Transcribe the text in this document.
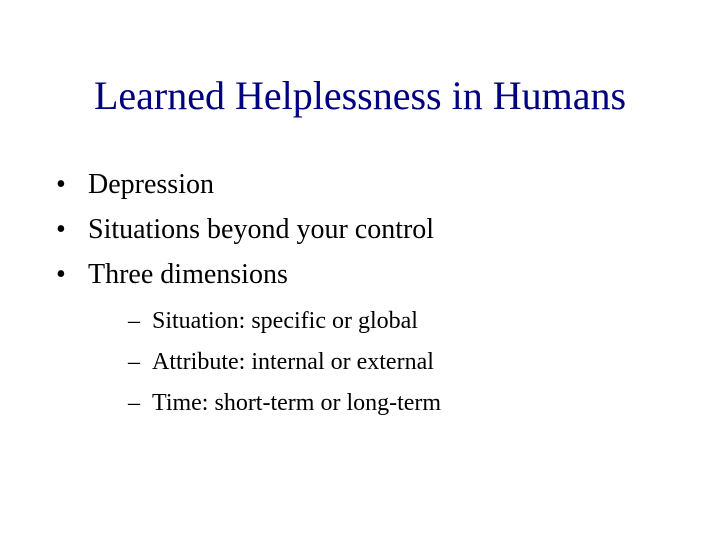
Learned Helplessness in Humans
• Depression
• Situations beyond your control
• Three dimensions
– Situation: specific or global
– Attribute: internal or external
– Time: short-term or long-term
